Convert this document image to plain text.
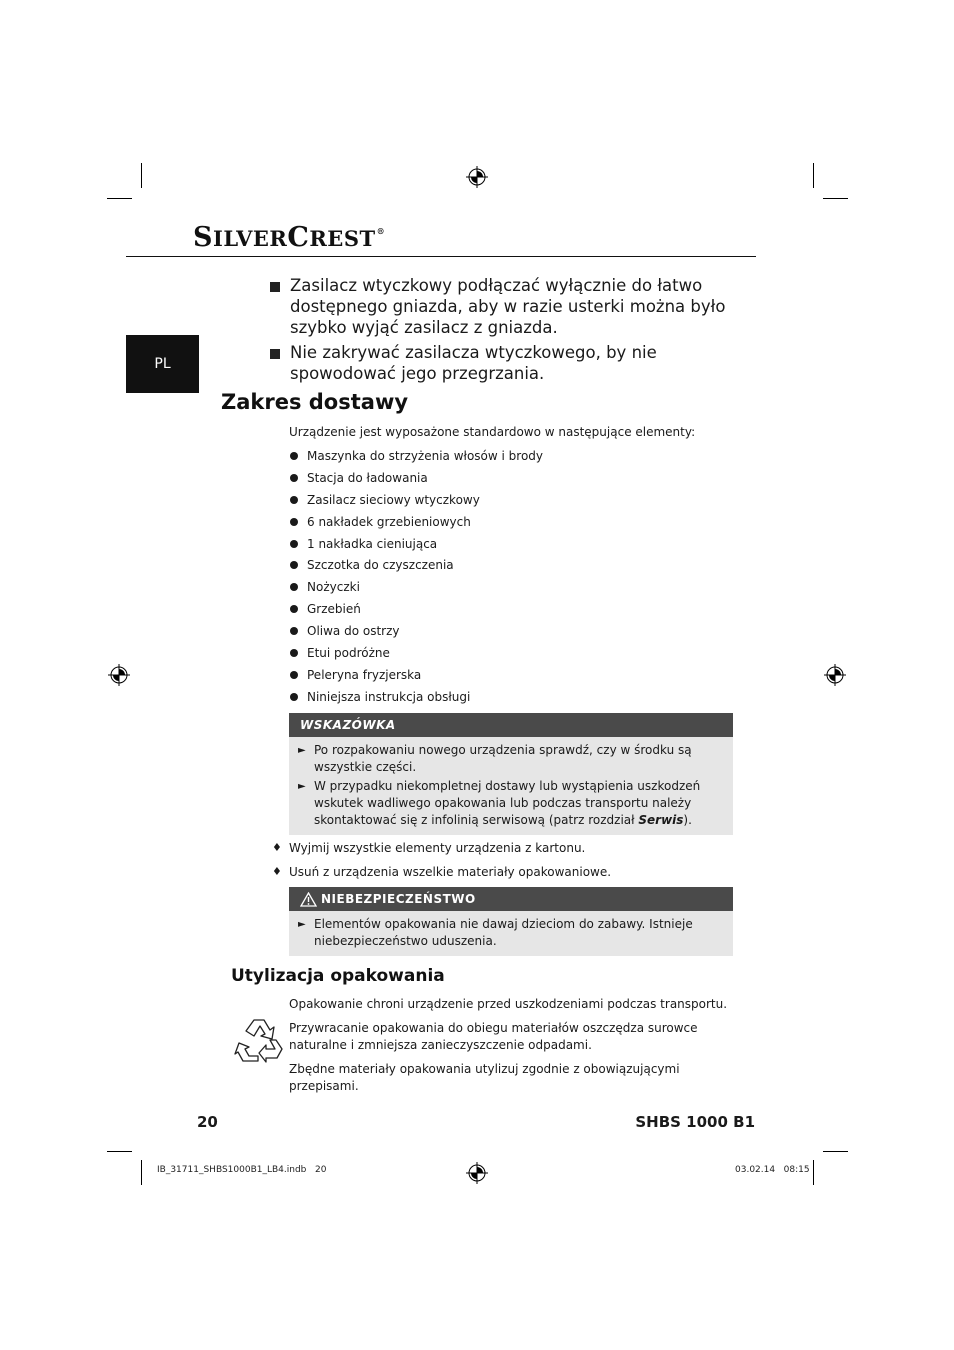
SILVERCREST®
PL
Zasilacz wtyczkowy podłączać wyłącznie do łatwo dostępnego gniazda, aby w razie usterki można było szybko wyjąć zasilacz z gniazda.
Nie zakrywać zasilacza wtyczkowego, by nie spowodować jego przegrzania.
Zakres dostawy
Urządzenie jest wyposażone standardowo w następujące elementy:
Maszynka do strzyżenia włosów i brody
Stacja do ładowania
Zasilacz sieciowy wtyczkowy
6 nakładek grzebieniowych
1 nakładka cieniująca
Szczotka do czyszczenia
Nożyczki
Grzebień
Oliwa do ostrzy
Etui podróżne
Peleryna fryzjerska
Niniejsza instrukcja obsługi
WSKAZÓWKA
► Po rozpakowaniu nowego urządzenia sprawdź, czy w środku są wszystkie części.
► W przypadku niekompletnej dostawy lub wystąpienia uszkodzeń wskutek wadliwego opakowania lub podczas transportu należy skontaktować się z infolinią serwisową (patrz rozdział Serwis).
♦ Wyjmij wszystkie elementy urządzenia z kartonu.
♦ Usuń z urządzenia wszelkie materiały opakowaniowe.
NIEBEZPIECZEŃSTWO
► Elementów opakowania nie dawaj dzieciom do zabawy. Istnieje niebezpieczeństwo uduszenia.
Utylizacja opakowania
Opakowanie chroni urządzenie przed uszkodzeniami podczas transportu.
Przywracanie opakowania do obiegu materiałów oszczędza surowce naturalne i zmniejsza zanieczyszczenie odpadami.
Zbędne materiały opakowania utylizuj zgodnie z obowiązującymi przepisami.
20	SHBS 1000 B1
IB_31711_SHBS1000B1_LB4.indb   20	03.02.14   08:15
